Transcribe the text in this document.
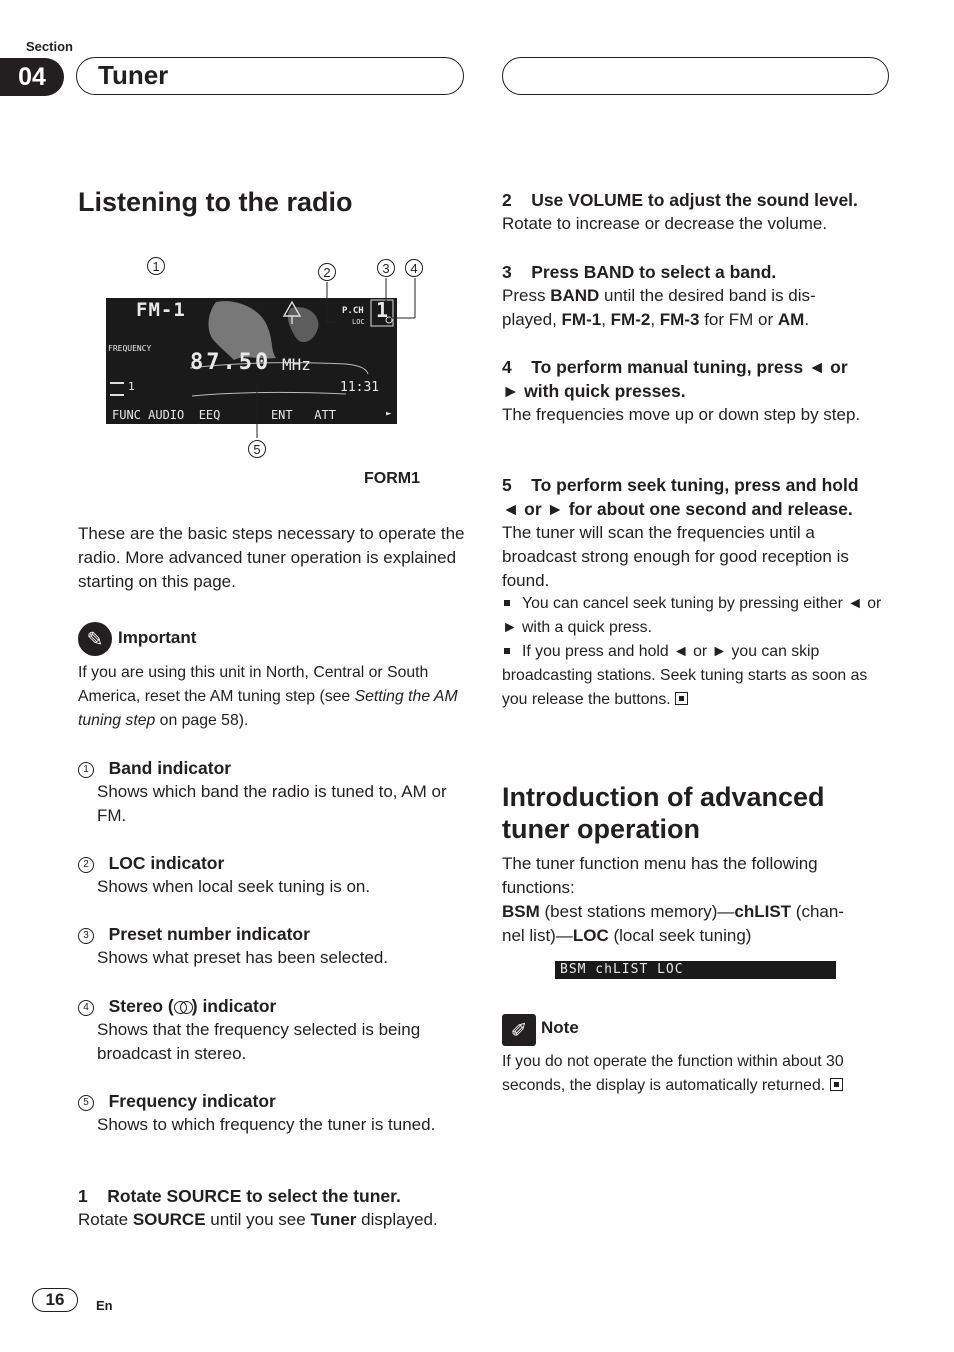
Section
04	Tuner
Listening to the radio
1	2	3	4
5
FM-1
FREQUENCY
87.50 MHz
P.CH
LOC 1
1	11:31
FUNC AUDIO  EEQ       ENT   ATT	►
FORM1

These are the basic steps necessary to operate the radio. More advanced tuner operation is explained starting on this page.

✎ Important

If you are using this unit in North, Central or South America, reset the AM tuning step (see Setting the AM tuning step on page 58).

1 Band indicator

Shows which band the radio is tuned to, AM or FM.

2 LOC indicator

Shows when local seek tuning is on.

3 Preset number indicator

Shows what preset has been selected.

4 Stereo ( ) indicator

Shows that the frequency selected is being broadcast in stereo.

5 Frequency indicator

Shows to which frequency the tuner is tuned.

1 Rotate SOURCE to select the tuner.

Rotate SOURCE until you see Tuner displayed.

2 Use VOLUME to adjust the sound level.

Rotate to increase or decrease the volume.

3 Press BAND to select a band.

Press BAND until the desired band is dis-
played, FM-1, FM-2, FM-3 for FM or AM.

4 To perform manual tuning, press ◄ or
► with quick presses.

The frequencies move up or down step by step.

5 To perform seek tuning, press and hold
◄ or ► for about one second and release.

The tuner will scan the frequencies until a broadcast strong enough for good reception is found.

You can cancel seek tuning by pressing either ◄ or ► with a quick press.

If you press and hold ◄ or ► you can skip broadcasting stations. Seek tuning starts as soon as you release the buttons.

Introduction of advanced
tuner operation

The tuner function menu has the following functions:

BSM (best stations memory)—chLIST (chan-
nel list)—LOC (local seek tuning)

BSM chLIST LOC
✐ Note

If you do not operate the function within about 30 seconds, the display is automatically returned.

16	En
